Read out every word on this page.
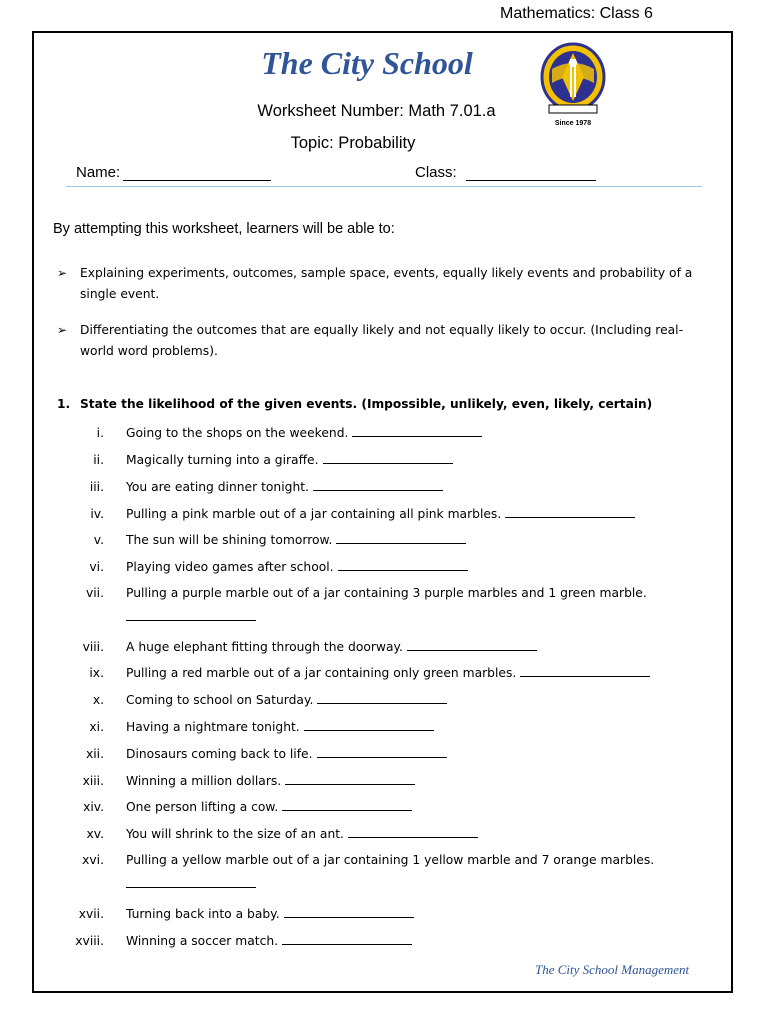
Mathematics: Class 6
The City School
Since 1978
Worksheet Number: Math 7.01.a
Topic: Probability
Name:	Class:
By attempting this worksheet, learners will be able to:
➢ Explaining experiments, outcomes, sample space, events, equally likely events and probability of a single event.
➢ Differentiating the outcomes that are equally likely and not equally likely to occur. (Including real-world word problems).
1. State the likelihood of the given events. (Impossible, unlikely, even, likely, certain)
i. Going to the shops on the weekend.
ii. Magically turning into a giraffe.
iii. You are eating dinner tonight.
iv. Pulling a pink marble out of a jar containing all pink marbles.
v. The sun will be shining tomorrow.
vi. Playing video games after school.
vii. Pulling a purple marble out of a jar containing 3 purple marbles and 1 green marble.
viii. A huge elephant fitting through the doorway.
ix. Pulling a red marble out of a jar containing only green marbles.
x. Coming to school on Saturday.
xi. Having a nightmare tonight.
xii. Dinosaurs coming back to life.
xiii. Winning a million dollars.
xiv. One person lifting a cow.
xv. You will shrink to the size of an ant.
xvi. Pulling a yellow marble out of a jar containing 1 yellow marble and 7 orange marbles.
xvii. Turning back into a baby.
xviii. Winning a soccer match.
The City School Management
